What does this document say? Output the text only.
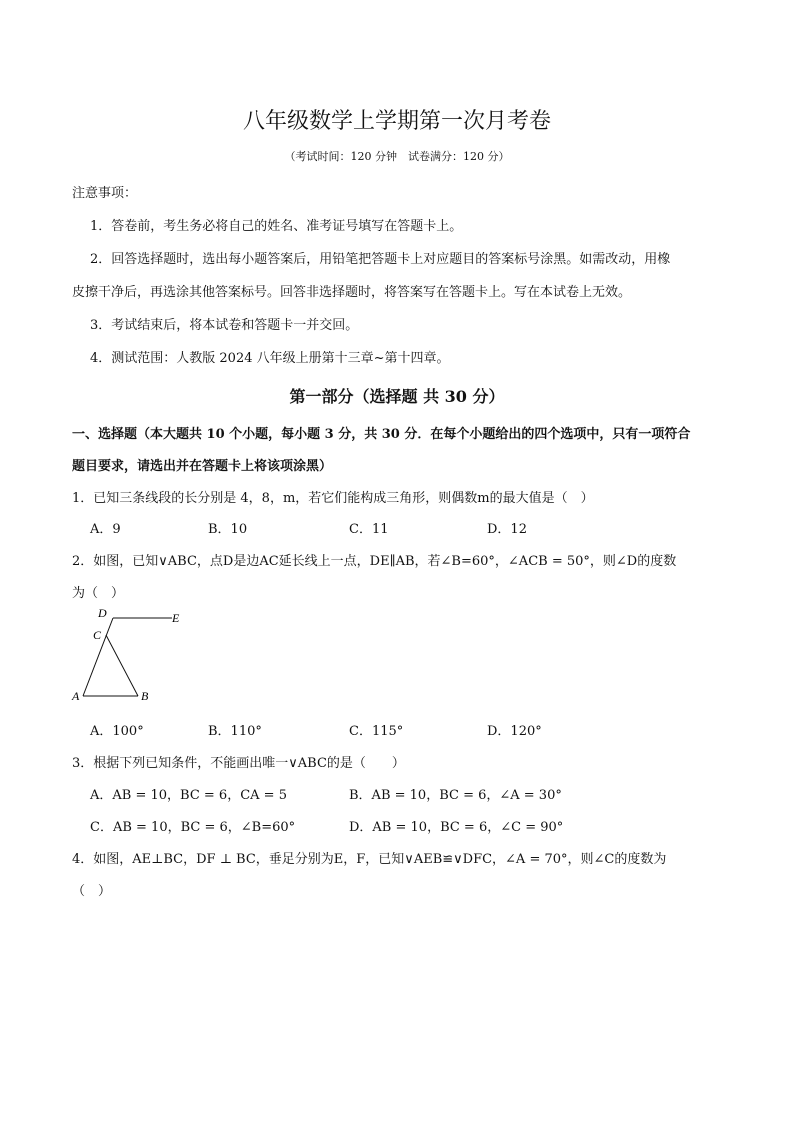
八年级数学上学期第一次月考卷
（考试时间：120 分钟　试卷满分：120 分）
注意事项：
1．答卷前，考生务必将自己的姓名、准考证号填写在答题卡上。
2．回答选择题时，选出每小题答案后，用铅笔把答题卡上对应题目的答案标号涂黑。如需改动，用橡
皮擦干净后，再选涂其他答案标号。回答非选择题时，将答案写在答题卡上。写在本试卷上无效。
3．考试结束后，将本试卷和答题卡一并交回。
4．测试范围：人教版 2024 八年级上册第十三章~第十四章。
第一部分（选择题 共 30 分）
一、选择题（本大题共 10 个小题，每小题 3 分，共 30 分．在每个小题给出的四个选项中，只有一项符合
题目要求，请选出并在答题卡上将该项涂黑）
1．已知三条线段的长分别是 4，8，m，若它们能构成三角形，则偶数m的最大值是（　）
A．9	B．10	C．11	D．12
2．如图，已知∨ABC，点D是边AC延长线上一点，DE∥AB，若∠B=60°，∠ACB = 50°，则∠D的度数
为（　）
D	E
C
A	B
A．100°	B．110°	C．115°	D．120°
3．根据下列已知条件，不能画出唯一∨ABC的是（　　）
A．AB = 10，BC = 6，CA = 5	B．AB = 10，BC = 6，∠A = 30°
C．AB = 10，BC = 6，∠B=60°	D．AB = 10，BC = 6，∠C = 90°
4．如图，AE⊥BC，DF ⊥ BC，垂足分别为E，F，已知∨AEB≌∨DFC，∠A = 70°，则∠C的度数为
（　）
